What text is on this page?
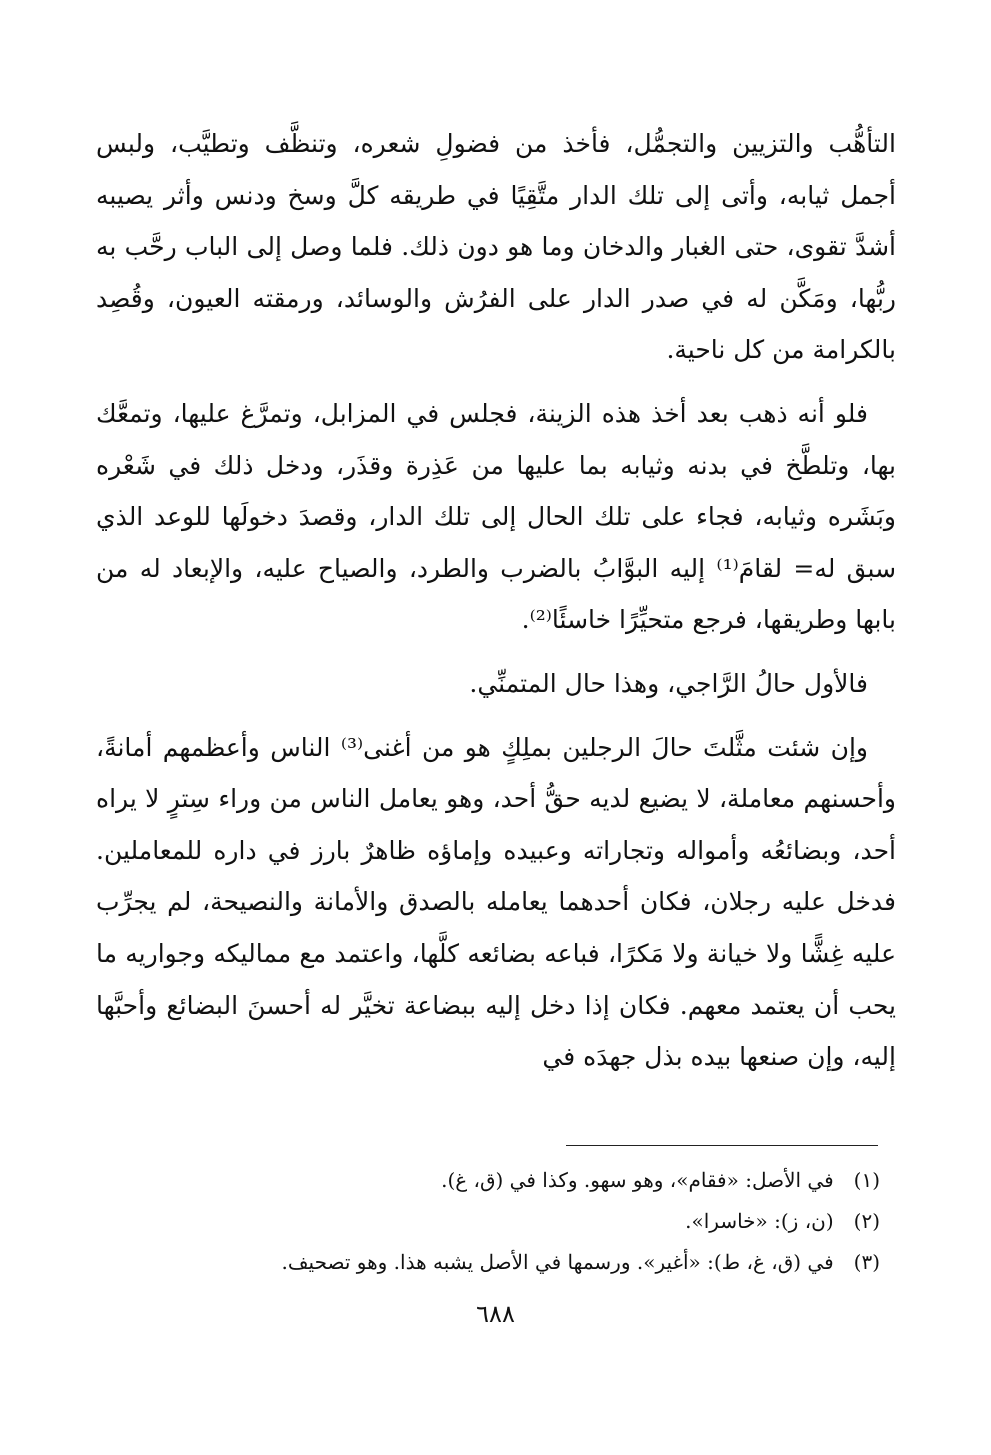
التأهُّب والتزيين والتجمُّل، فأخذ من فضولِ شعره، وتنظَّف وتطيَّب، ولبس أجمل ثيابه، وأتى إلى تلك الدار متَّقِيًا في طريقه كلَّ وسخ ودنس وأثر يصيبه أشدَّ تقوى، حتى الغبار والدخان وما هو دون ذلك. فلما وصل إلى الباب رحَّب به ربُّها، ومَكَّن له في صدر الدار على الفرُش والوسائد، ورمقته العيون، وقُصِد بالكرامة من كل ناحية.

فلو أنه ذهب بعد أخذ هذه الزينة، فجلس في المزابل، وتمرَّغ عليها، وتمعَّك بها، وتلطَّخ في بدنه وثيابه بما عليها من عَذِرة وقذَر، ودخل ذلك في شَعْره وبَشَره وثيابه، فجاء على تلك الحال إلى تلك الدار، وقصدَ دخولَها للوعد الذي سبق له= لقامَ⁽¹⁾ إليه البوَّابُ بالضرب والطرد، والصياح عليه، والإبعاد له من بابها وطريقها، فرجع متحيِّرًا خاسئًا⁽²⁾.

فالأول حالُ الرَّاجي، وهذا حال المتمنِّي.

وإن شئت مثَّلتَ حالَ الرجلين بملِكٍ هو من أغنى⁽³⁾ الناس وأعظمهم أمانةً، وأحسنهم معاملة، لا يضيع لديه حقُّ أحد، وهو يعامل الناس من وراء سِترٍ لا يراه أحد، وبضائعُه وأمواله وتجاراته وعبيده وإماؤه ظاهرٌ بارز في داره للمعاملين. فدخل عليه رجلان، فكان أحدهما يعامله بالصدق والأمانة والنصيحة، لم يجرِّب عليه غِشًّا ولا خيانة ولا مَكرًا، فباعه بضائعه كلَّها، واعتمد مع مماليكه وجواريه ما يحب أن يعتمد معهم. فكان إذا دخل إليه ببضاعة تخيَّر له أحسنَ البضائع وأحبَّها إليه، وإن صنعها بيده بذل جهدَه في

(١) في الأصل: «فقام»، وهو سهو. وكذا في (ق، غ).

(٢) (ن، ز): «خاسرا».

(٣) في (ق، غ، ط): «أغير». ورسمها في الأصل يشبه هذا. وهو تصحيف.

٦٨٨
